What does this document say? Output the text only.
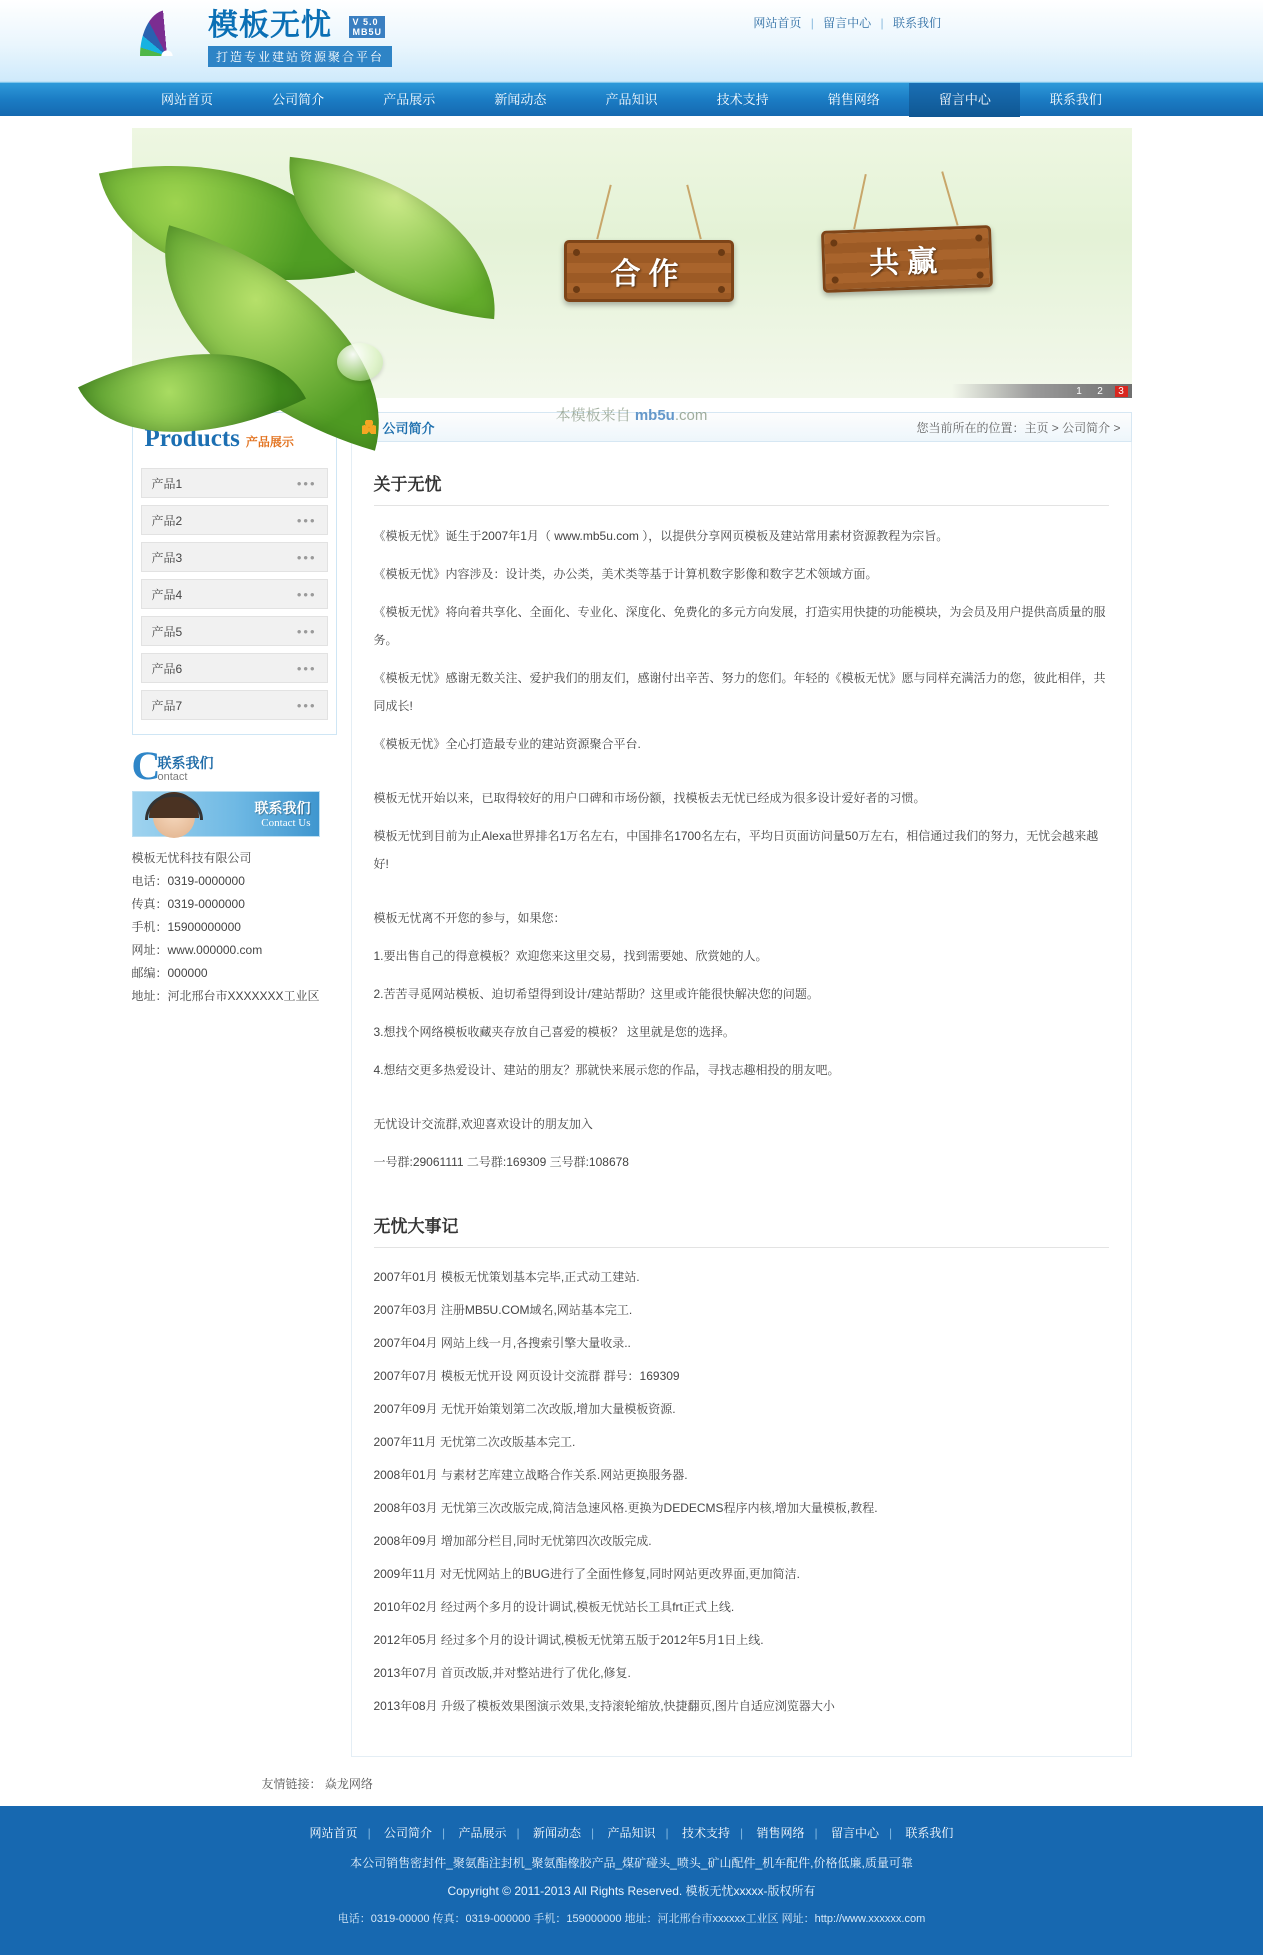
模板无忧 V 5.0
MB5U
打造专业建站资源聚合平台
网站首页 | 留言中心 | 联系我们
网站首页	公司简介	产品展示	新闻动态	产品知识	技术支持	销售网络	留言中心	联系我们
合作	共赢
本模板来自 mb5u.com
1	2	3
Products 产品展示
产品1	•••
产品2	•••
产品3	•••
产品4	•••
产品5	•••
产品6	•••
产品7	•••
C
联系我们
ontact
联系我们
Contact Us
模板无忧科技有限公司
电话：0319-0000000
传真：0319-0000000
手机：15900000000
网址：www.000000.com
邮编：000000
地址：河北邢台市XXXXXXX工业区
公司简介	您当前所在的位置：主页 > 公司简介 >
关于无忧

《模板无忧》诞生于2007年1月（ www.mb5u.com ），以提供分享网页模板及建站常用素材资源教程为宗旨。

《模板无忧》内容涉及：设计类，办公类，美术类等基于计算机数字影像和数字艺术领域方面。

《模板无忧》将向着共享化、全面化、专业化、深度化、免费化的多元方向发展，打造实用快捷的功能模块，为会员及用户提供高质量的服务。

《模板无忧》感谢无数关注、爱护我们的朋友们，感谢付出辛苦、努力的您们。年轻的《模板无忧》愿与同样充满活力的您，彼此相伴，共同成长!

《模板无忧》全心打造最专业的建站资源聚合平台.

模板无忧开始以来，已取得较好的用户口碑和市场份额，找模板去无忧已经成为很多设计爱好者的习惯。

模板无忧到目前为止Alexa世界排名1万名左右，中国排名1700名左右，平均日页面访问量50万左右，相信通过我们的努力，无忧会越来越好!

模板无忧离不开您的参与，如果您：

1.要出售自己的得意模板？欢迎您来这里交易，找到需要她、欣赏她的人。

2.苦苦寻觅网站模板、迫切希望得到设计/建站帮助？这里或许能很快解决您的问题。

3.想找个网络模板收藏夹存放自己喜爱的模板？ 这里就是您的选择。

4.想结交更多热爱设计、建站的朋友？那就快来展示您的作品，寻找志趣相投的朋友吧。

无忧设计交流群,欢迎喜欢设计的朋友加入

一号群:29061111 二号群:169309 三号群:108678

无忧大事记

2007年01月 模板无忧策划基本完毕,正式动工建站.

2007年03月 注册MB5U.COM域名,网站基本完工.

2007年04月 网站上线一月,各搜索引擎大量收录..

2007年07月 模板无忧开设 网页设计交流群 群号：169309

2007年09月 无忧开始策划第二次改版,增加大量模板资源.

2007年11月 无忧第二次改版基本完工.

2008年01月 与素材艺库建立战略合作关系.网站更换服务器.

2008年03月 无忧第三次改版完成,简洁急速风格.更换为DEDECMS程序内核,增加大量模板,教程.

2008年09月 增加部分栏目,同时无忧第四次改版完成.

2009年11月 对无忧网站上的BUG进行了全面性修复,同时网站更改界面,更加简洁.

2010年02月 经过两个多月的设计调试,模板无忧站长工具frt正式上线.

2012年05月 经过多个月的设计调试,模板无忧第五版于2012年5月1日上线.

2013年07月 首页改版,并对整站进行了优化,修复.

2013年08月 升级了模板效果图演示效果,支持滚轮缩放,快捷翻页,图片自适应浏览器大小

友情链接： 焱龙网络
网站首页 | 公司简介 | 产品展示 | 新闻动态 | 产品知识 | 技术支持 | 销售网络 | 留言中心 | 联系我们

本公司销售密封件_聚氨酯注封机_聚氨酯橡胶产品_煤矿碰头_喷头_矿山配件_机车配件,价格低廉,质量可靠

Copyright © 2011-2013 All Rights Reserved. 模板无忧xxxxx-版权所有

电话：0319-00000 传真：0319-000000 手机：159000000 地址：河北邢台市xxxxxx工业区 网址：http://www.xxxxxx.com
